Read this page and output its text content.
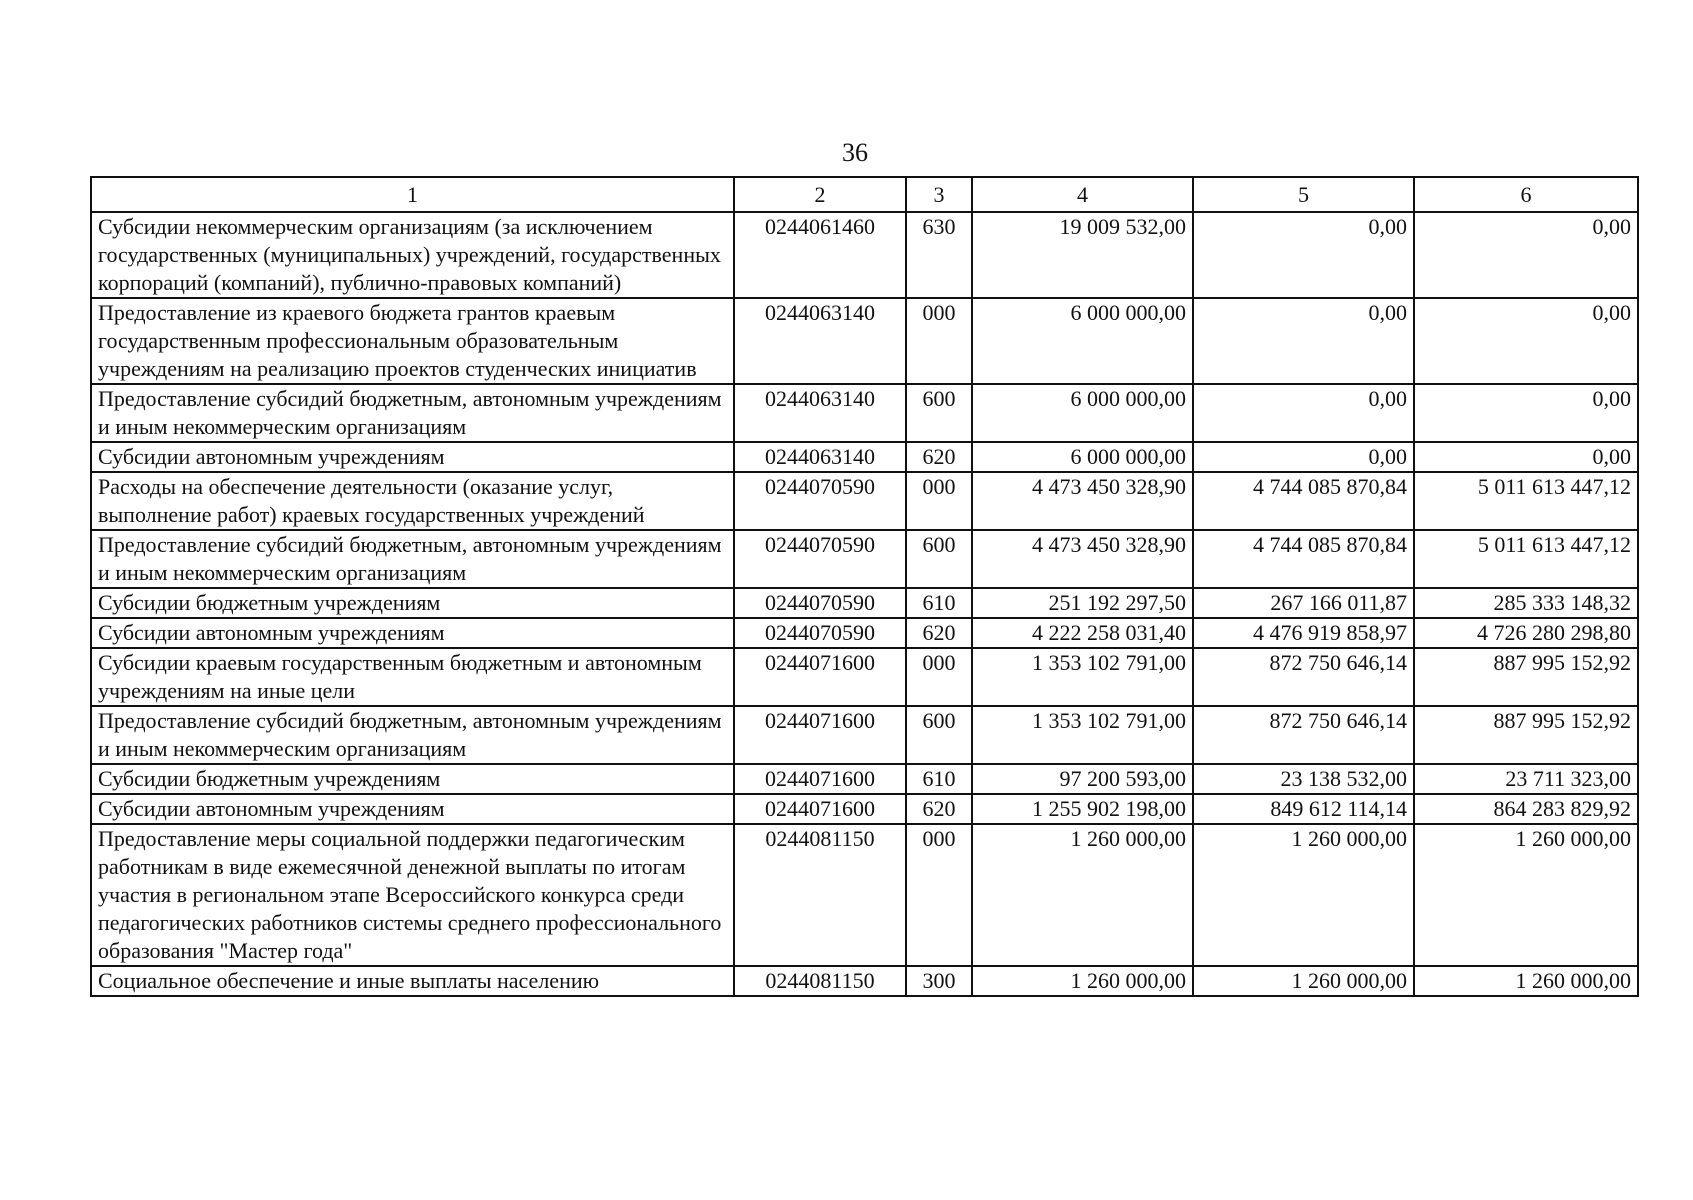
36
1	2	3	4	5	6
Субсидии некоммерческим организациям (за исключением государственных (муниципальных) учреждений, государственных корпораций (компаний), публично-правовых компаний)	0244061460	630	19 009 532,00	0,00	0,00
Предоставление из краевого бюджета грантов краевым государственным профессиональным образовательным учреждениям на реализацию проектов студенческих инициатив	0244063140	000	6 000 000,00	0,00	0,00
Предоставление субсидий бюджетным, автономным учреждениям и иным некоммерческим организациям	0244063140	600	6 000 000,00	0,00	0,00
Субсидии автономным учреждениям	0244063140	620	6 000 000,00	0,00	0,00
Расходы на обеспечение деятельности (оказание услуг, выполнение работ) краевых государственных учреждений	0244070590	000	4 473 450 328,90	4 744 085 870,84	5 011 613 447,12
Предоставление субсидий бюджетным, автономным учреждениям и иным некоммерческим организациям	0244070590	600	4 473 450 328,90	4 744 085 870,84	5 011 613 447,12
Субсидии бюджетным учреждениям	0244070590	610	251 192 297,50	267 166 011,87	285 333 148,32
Субсидии автономным учреждениям	0244070590	620	4 222 258 031,40	4 476 919 858,97	4 726 280 298,80
Субсидии краевым государственным бюджетным и автономным учреждениям на иные цели	0244071600	000	1 353 102 791,00	872 750 646,14	887 995 152,92
Предоставление субсидий бюджетным, автономным учреждениям и иным некоммерческим организациям	0244071600	600	1 353 102 791,00	872 750 646,14	887 995 152,92
Субсидии бюджетным учреждениям	0244071600	610	97 200 593,00	23 138 532,00	23 711 323,00
Субсидии автономным учреждениям	0244071600	620	1 255 902 198,00	849 612 114,14	864 283 829,92
Предоставление меры социальной поддержки педагогическим работникам в виде ежемесячной денежной выплаты по итогам участия в региональном этапе Всероссийского конкурса среди педагогических работников системы среднего профессионального образования "Мастер года"	0244081150	000	1 260 000,00	1 260 000,00	1 260 000,00
Социальное обеспечение и иные выплаты населению	0244081150	300	1 260 000,00	1 260 000,00	1 260 000,00
